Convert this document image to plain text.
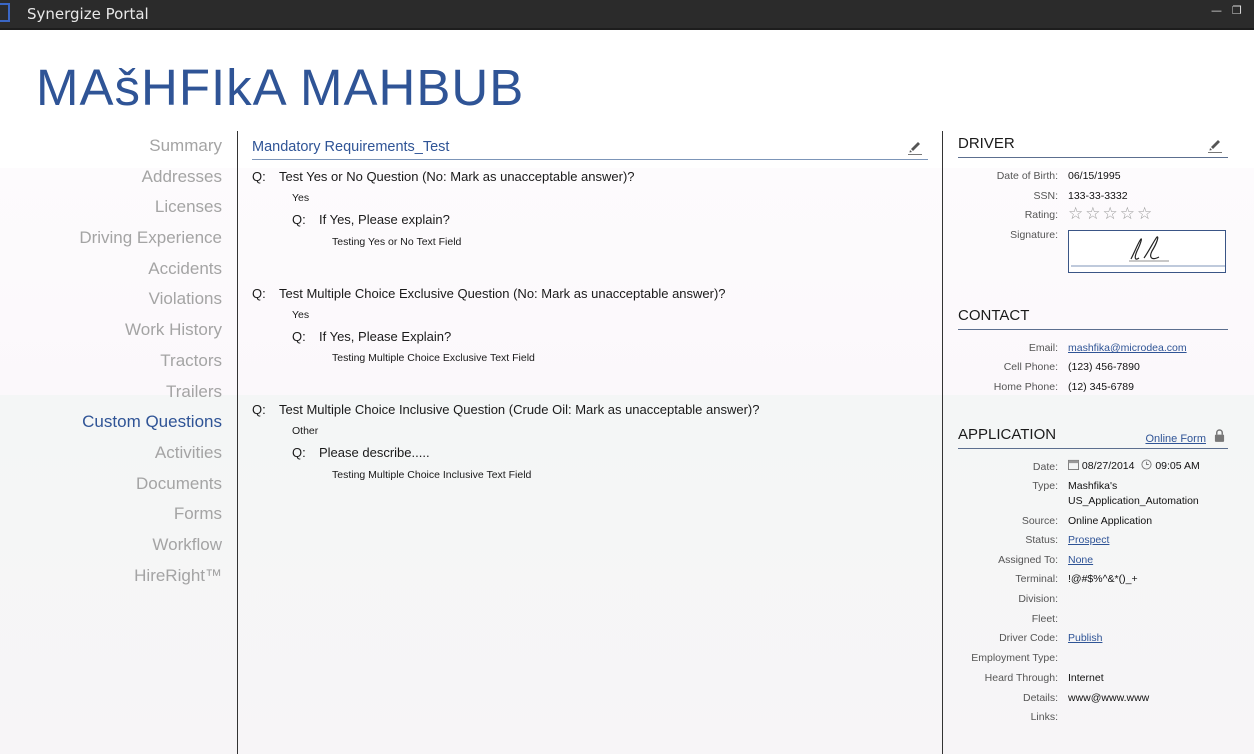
Synergize Portal	— ❐
MAšHFIkA MAHBUB
Summary
Addresses
Licenses
Driving Experience
Accidents
Violations
Work History
Tractors
Trailers
Custom Questions
Activities
Documents
Forms
Workflow
HireRight™
Mandatory Requirements_Test
Q: Test Yes or No Question (No: Mark as unacceptable answer)?
Yes
Q: If Yes, Please explain?
Testing Yes or No Text Field
Q: Test Multiple Choice Exclusive Question (No: Mark as unacceptable answer)?
Yes
Q: If Yes, Please Explain?
Testing Multiple Choice Exclusive Text Field
Q: Test Multiple Choice Inclusive Question (Crude Oil: Mark as unacceptable answer)?
Other
Q: Please describe.....
Testing Multiple Choice Inclusive Text Field
DRIVER
Date of Birth: 06/15/1995
SSN: 133-33-3332
Rating: ☆ ☆ ☆ ☆ ☆
Signature:
CONTACT
Email: mashfika@microdea.com
Cell Phone: (123) 456-7890
Home Phone: (12) 345-6789
APPLICATION	Online Form
Date:	08/27/2014 09:05 AM
Type: Mashfika's
US_Application_Automation
Source: Online Application
Status: Prospect
Assigned To: None
Terminal: !@#$%^&*()_+
Division:
Fleet:
Driver Code: Publish
Employment Type:
Heard Through: Internet
Details: www@www.www
Links:
